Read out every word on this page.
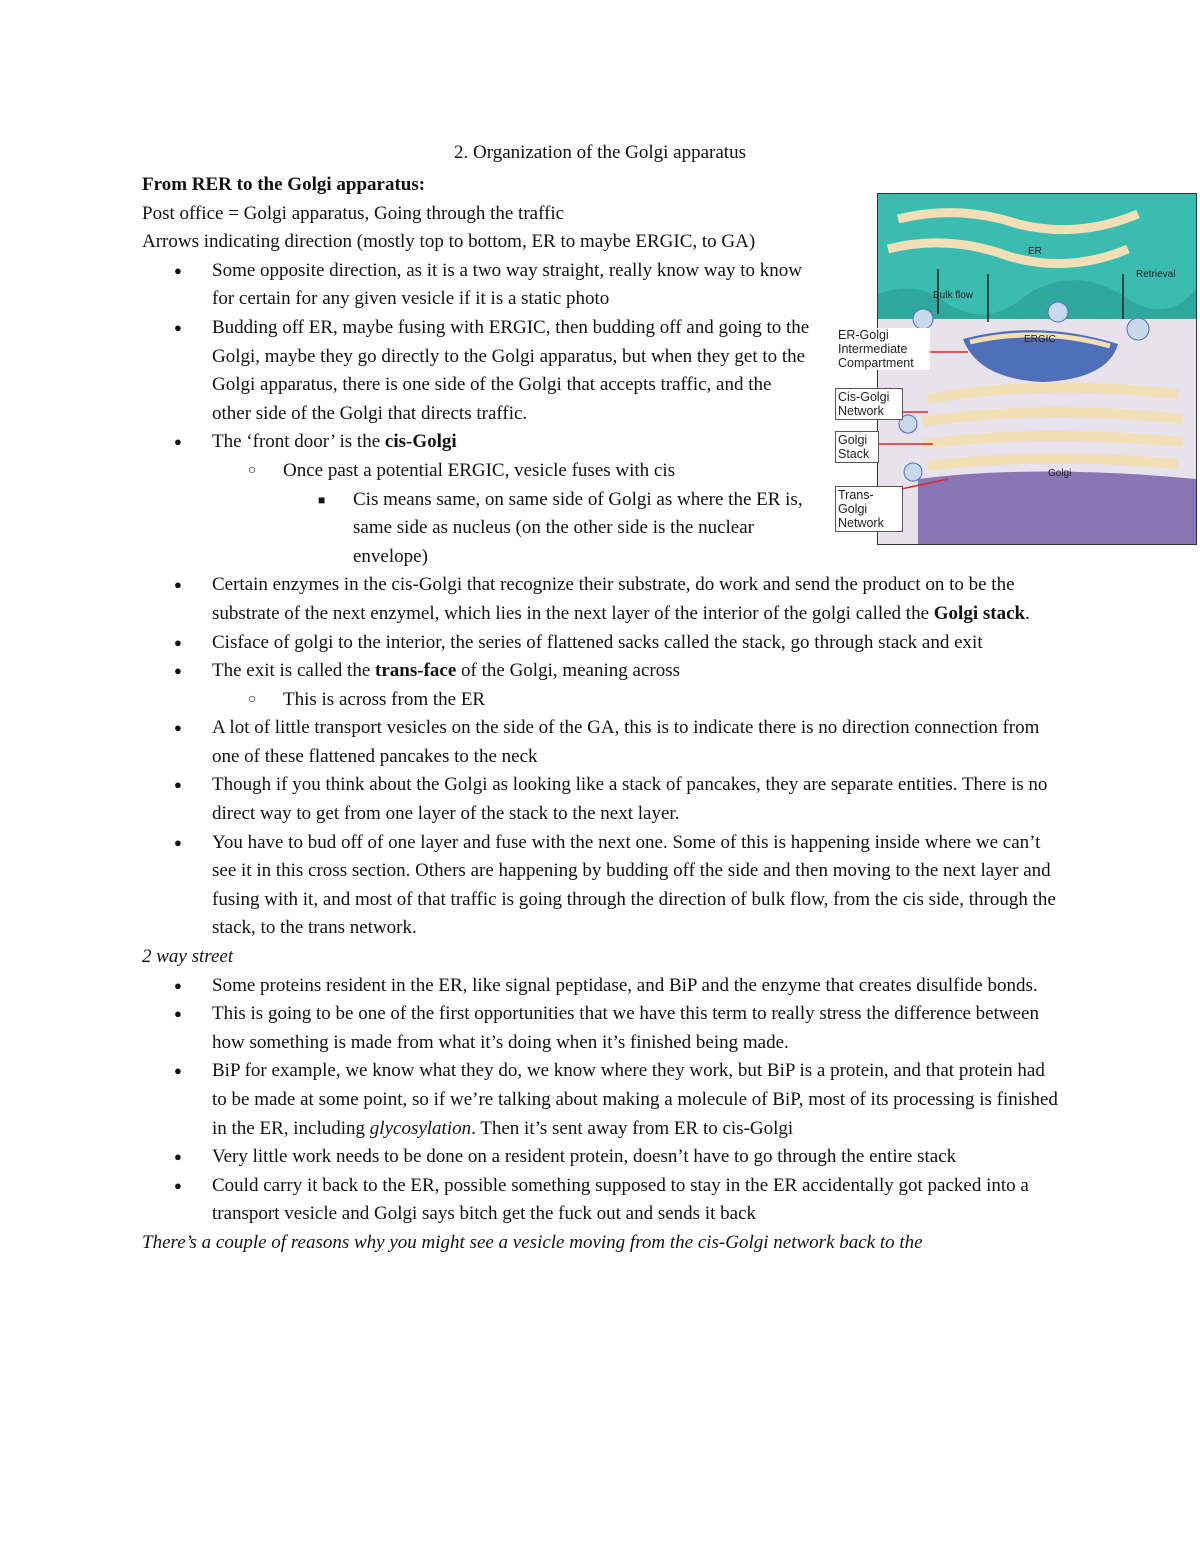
2. Organization of the Golgi apparatus

From RER to the Golgi apparatus:

Post office = Golgi apparatus, Going through the traffic

Arrows indicating direction (mostly top to bottom, ER to maybe ERGIC, to GA)

● Some opposite direction, as it is a two way straight, really know way to know for certain for any given vesicle if it is a static photo
● Budding off ER, maybe fusing with ERGIC, then budding off and going to the Golgi, maybe they go directly to the Golgi apparatus, but when they get to the Golgi apparatus, there is one side of the Golgi that accepts traffic, and the other side of the Golgi that directs traffic.
● The ‘front door’ is the cis-Golgi
○ Once past a potential ERGIC, vesicle fuses with cis
■ Cis means same, on same side of Golgi as where the ER is, same side as nucleus (on the other side is the nuclear envelope)
● Certain enzymes in the cis-Golgi that recognize their substrate, do work and send the product on to be the substrate of the next enzymel, which lies in the next layer of the interior of the golgi called the Golgi stack.
● Cisface of golgi to the interior, the series of flattened sacks called the stack, go through stack and exit
● The exit is called the trans-face of the Golgi, meaning across
○ This is across from the ER
● A lot of little transport vesicles on the side of the GA, this is to indicate there is no direction connection from one of these flattened pancakes to the neck
● Though if you think about the Golgi as looking like a stack of pancakes, they are separate entities. There is no direct way to get from one layer of the stack to the next layer.
● You have to bud off of one layer and fuse with the next one. Some of this is happening inside where we can’t see it in this cross section. Others are happening by budding off the side and then moving to the next layer and fusing with it, and most of that traffic is going through the direction of bulk flow, from the cis side, through the stack, to the trans network.

2 way street

● Some proteins resident in the ER, like signal peptidase, and BiP and the enzyme that creates disulfide bonds.
● This is going to be one of the first opportunities that we have this term to really stress the difference between how something is made from what it’s doing when it’s finished being made.
● BiP for example, we know what they do, we know where they work, but BiP is a protein, and that protein had to be made at some point, so if we’re talking about making a molecule of BiP, most of its processing is finished in the ER, including glycosylation. Then it’s sent away from ER to cis-Golgi
● Very little work needs to be done on a resident protein, doesn’t have to go through the entire stack
● Could carry it back to the ER, possible something supposed to stay in the ER accidentally got packed into a transport vesicle and Golgi says bitch get the fuck out and sends it back

There’s a couple of reasons why you might see a vesicle moving from the cis-Golgi network back to the

ER
Bulk flow
Retrieval
ERGIC
Golgi
ER-Golgi Intermediate Compartment
Cis-Golgi Network
Golgi Stack
Trans-Golgi Network
